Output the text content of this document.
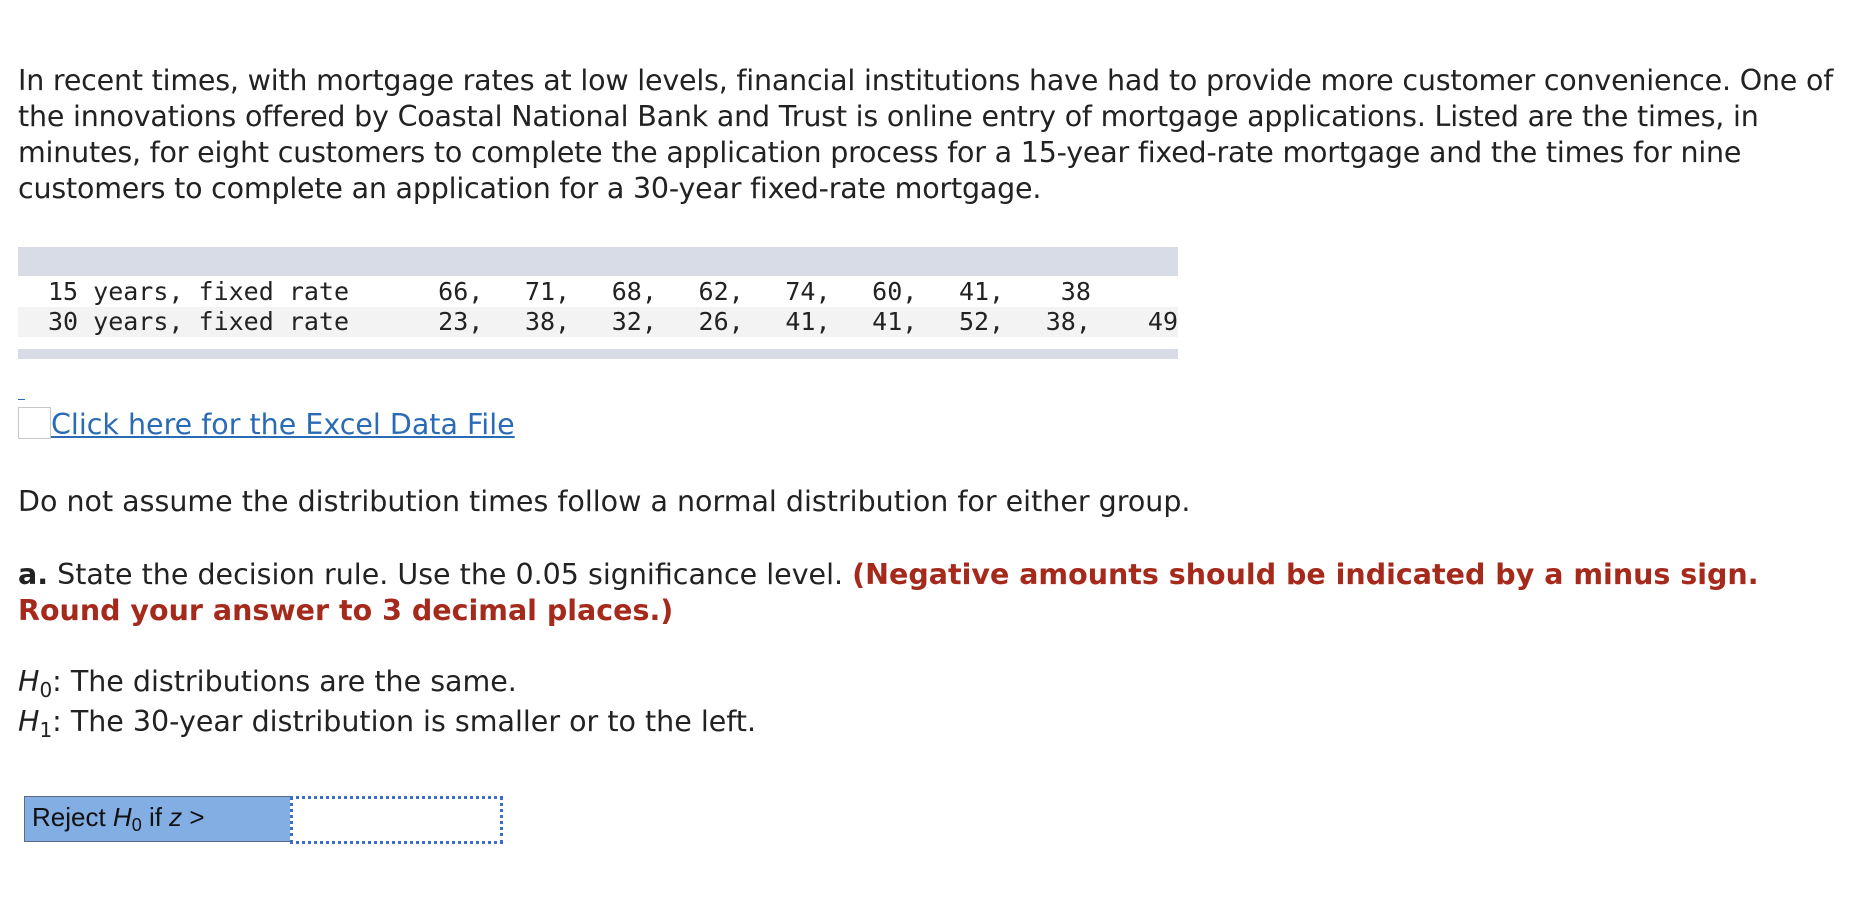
In recent times, with mortgage rates at low levels, financial institutions have had to provide more customer convenience. One of the innovations offered by Coastal National Bank and Trust is online entry of mortgage applications. Listed are the times, in minutes, for eight customers to complete the application process for a 15-year fixed-rate mortgage and the times for nine customers to complete an application for a 30-year fixed-rate mortgage.

15 years, fixed rate	66,	71,	68,	62,	74,	60,	41,	38	
30 years, fixed rate	23,	38,	32,	26,	41,	41,	52,	38,	49
Click here for the Excel Data File

Do not assume the distribution times follow a normal distribution for either group.

a. State the decision rule. Use the 0.05 significance level. (Negative amounts should be indicated by a minus sign. Round your answer to 3 decimal places.)

$H_0$: The distributions are the same.
$H_1$: The 30-year distribution is smaller or to the left.
Reject $H_0$ if z >
